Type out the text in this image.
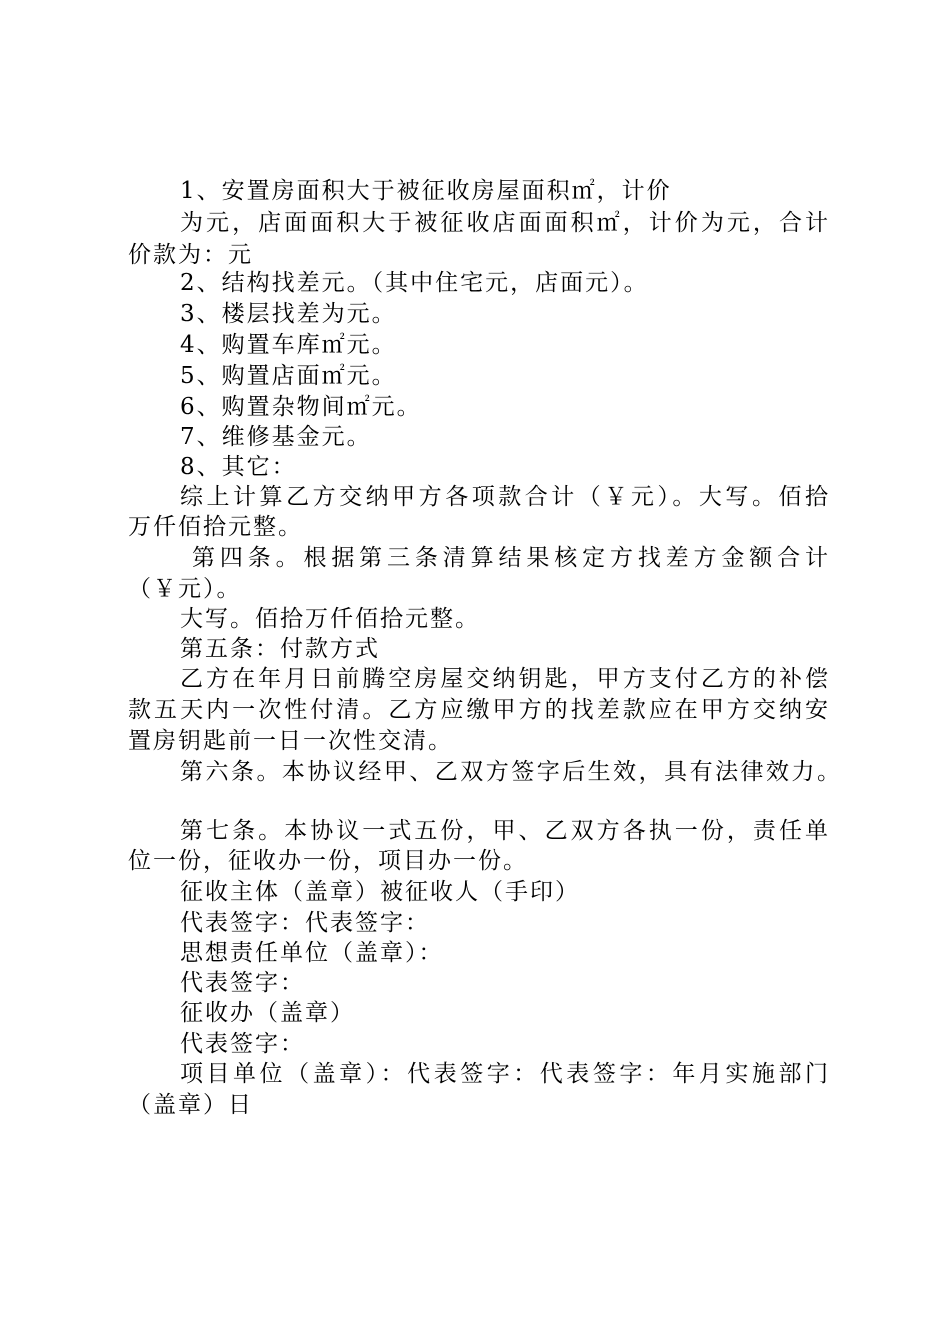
1、安置房面积大于被征收房屋面积㎡，计价
为元，店面面积大于被征收店面面积㎡，计价为元，合计
价款为：元
2、结构找差元。（其中住宅元，店面元）。
3、楼层找差为元。
4、购置车库㎡元。
5、购置店面㎡元。
6、购置杂物间㎡元。
7、维修基金元。
8、其它：
综上计算乙方交纳甲方各项款合计（￥元）。大写。佰拾
万仟佰拾元整。
第四条。根据第三条清算结果核定方找差方金额合计
（￥元）。
大写。佰拾万仟佰拾元整。
第五条：付款方式
乙方在年月日前腾空房屋交纳钥匙，甲方支付乙方的补偿
款五天内一次性付清。乙方应缴甲方的找差款应在甲方交纳安
置房钥匙前一日一次性交清。
第六条。本协议经甲、乙双方签字后生效，具有法律效力。
第七条。本协议一式五份，甲、乙双方各执一份，责任单
位一份，征收办一份，项目办一份。
征收主体（盖章）被征收人（手印）
代表签字：代表签字：
思想责任单位（盖章）：
代表签字：
征收办（盖章）
代表签字：
项目单位（盖章）：代表签字：代表签字：年月实施部门
（盖章）日
